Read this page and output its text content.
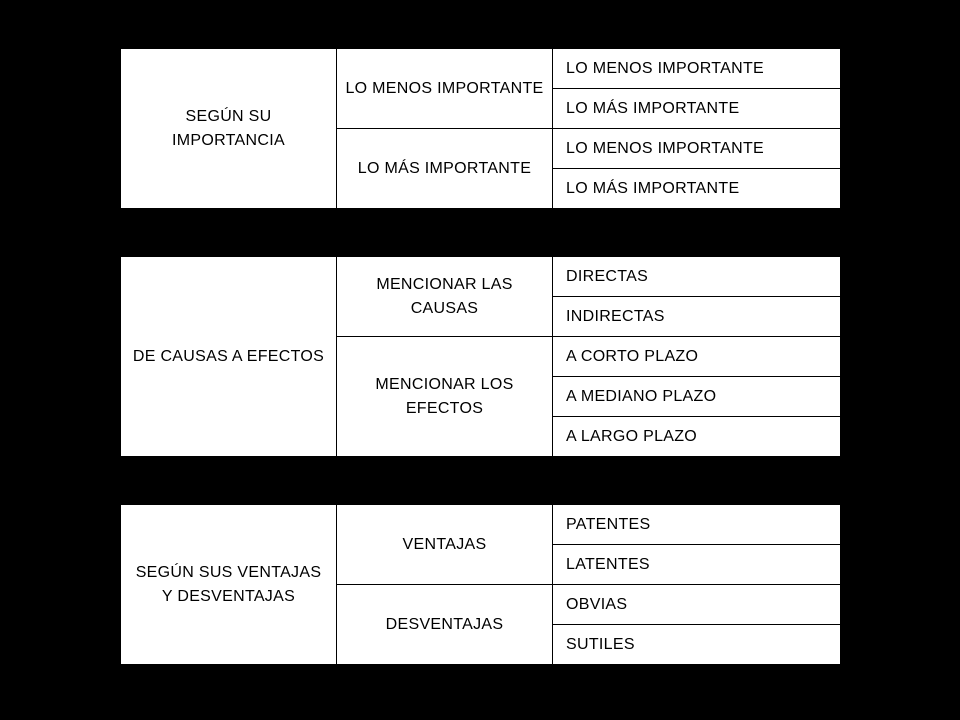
SEGÚN SU IMPORTANCIA	LO MENOS IMPORTANTE	LO MENOS IMPORTANTE
		LO MÁS IMPORTANTE
	LO MÁS IMPORTANTE	LO MENOS IMPORTANTE
		LO MÁS IMPORTANTE
DE CAUSAS A EFECTOS	MENCIONAR LAS CAUSAS	DIRECTAS
		INDIRECTAS
	MENCIONAR LOS EFECTOS	A CORTO PLAZO
		A MEDIANO PLAZO
		A LARGO PLAZO
SEGÚN SUS VENTAJAS Y DESVENTAJAS	VENTAJAS	PATENTES
		LATENTES
	DESVENTAJAS	OBVIAS
		SUTILES
